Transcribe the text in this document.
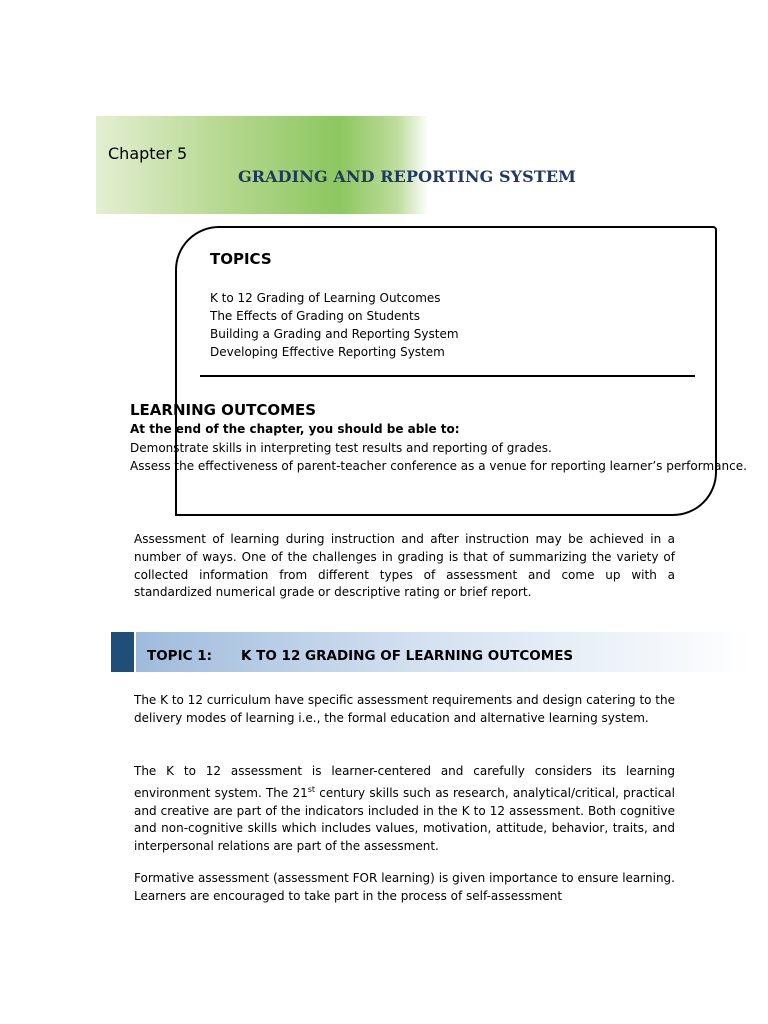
Chapter 5
GRADING AND REPORTING SYSTEM
TOPICS
K to 12 Grading of Learning Outcomes
The Effects of Grading on Students
Building a Grading and Reporting System
Developing Effective Reporting System
LEARNING OUTCOMES
At the end of the chapter, you should be able to:
Demonstrate skills in interpreting test results and reporting of grades.
Assess the effectiveness of parent-teacher conference as a venue for reporting learner’s performance.

Assessment of learning during instruction and after instruction may be achieved in a number of ways. One of the challenges in grading is that of summarizing the variety of collected information from different types of assessment and come up with a standardized numerical grade or descriptive rating or brief report.

TOPIC 1: K TO 12 GRADING OF LEARNING OUTCOMES

The K to 12 curriculum have specific assessment requirements and design catering to the delivery modes of learning i.e., the formal education and alternative learning system.

The K to 12 assessment is learner-centered and carefully considers its learning environment system. The 21st century skills such as research, analytical/critical, practical and creative are part of the indicators included in the K to 12 assessment. Both cognitive and non-cognitive skills which includes values, motivation, attitude, behavior, traits, and interpersonal relations are part of the assessment.

Formative assessment (assessment FOR learning) is given importance to ensure learning. Learners are encouraged to take part in the process of self-assessment
